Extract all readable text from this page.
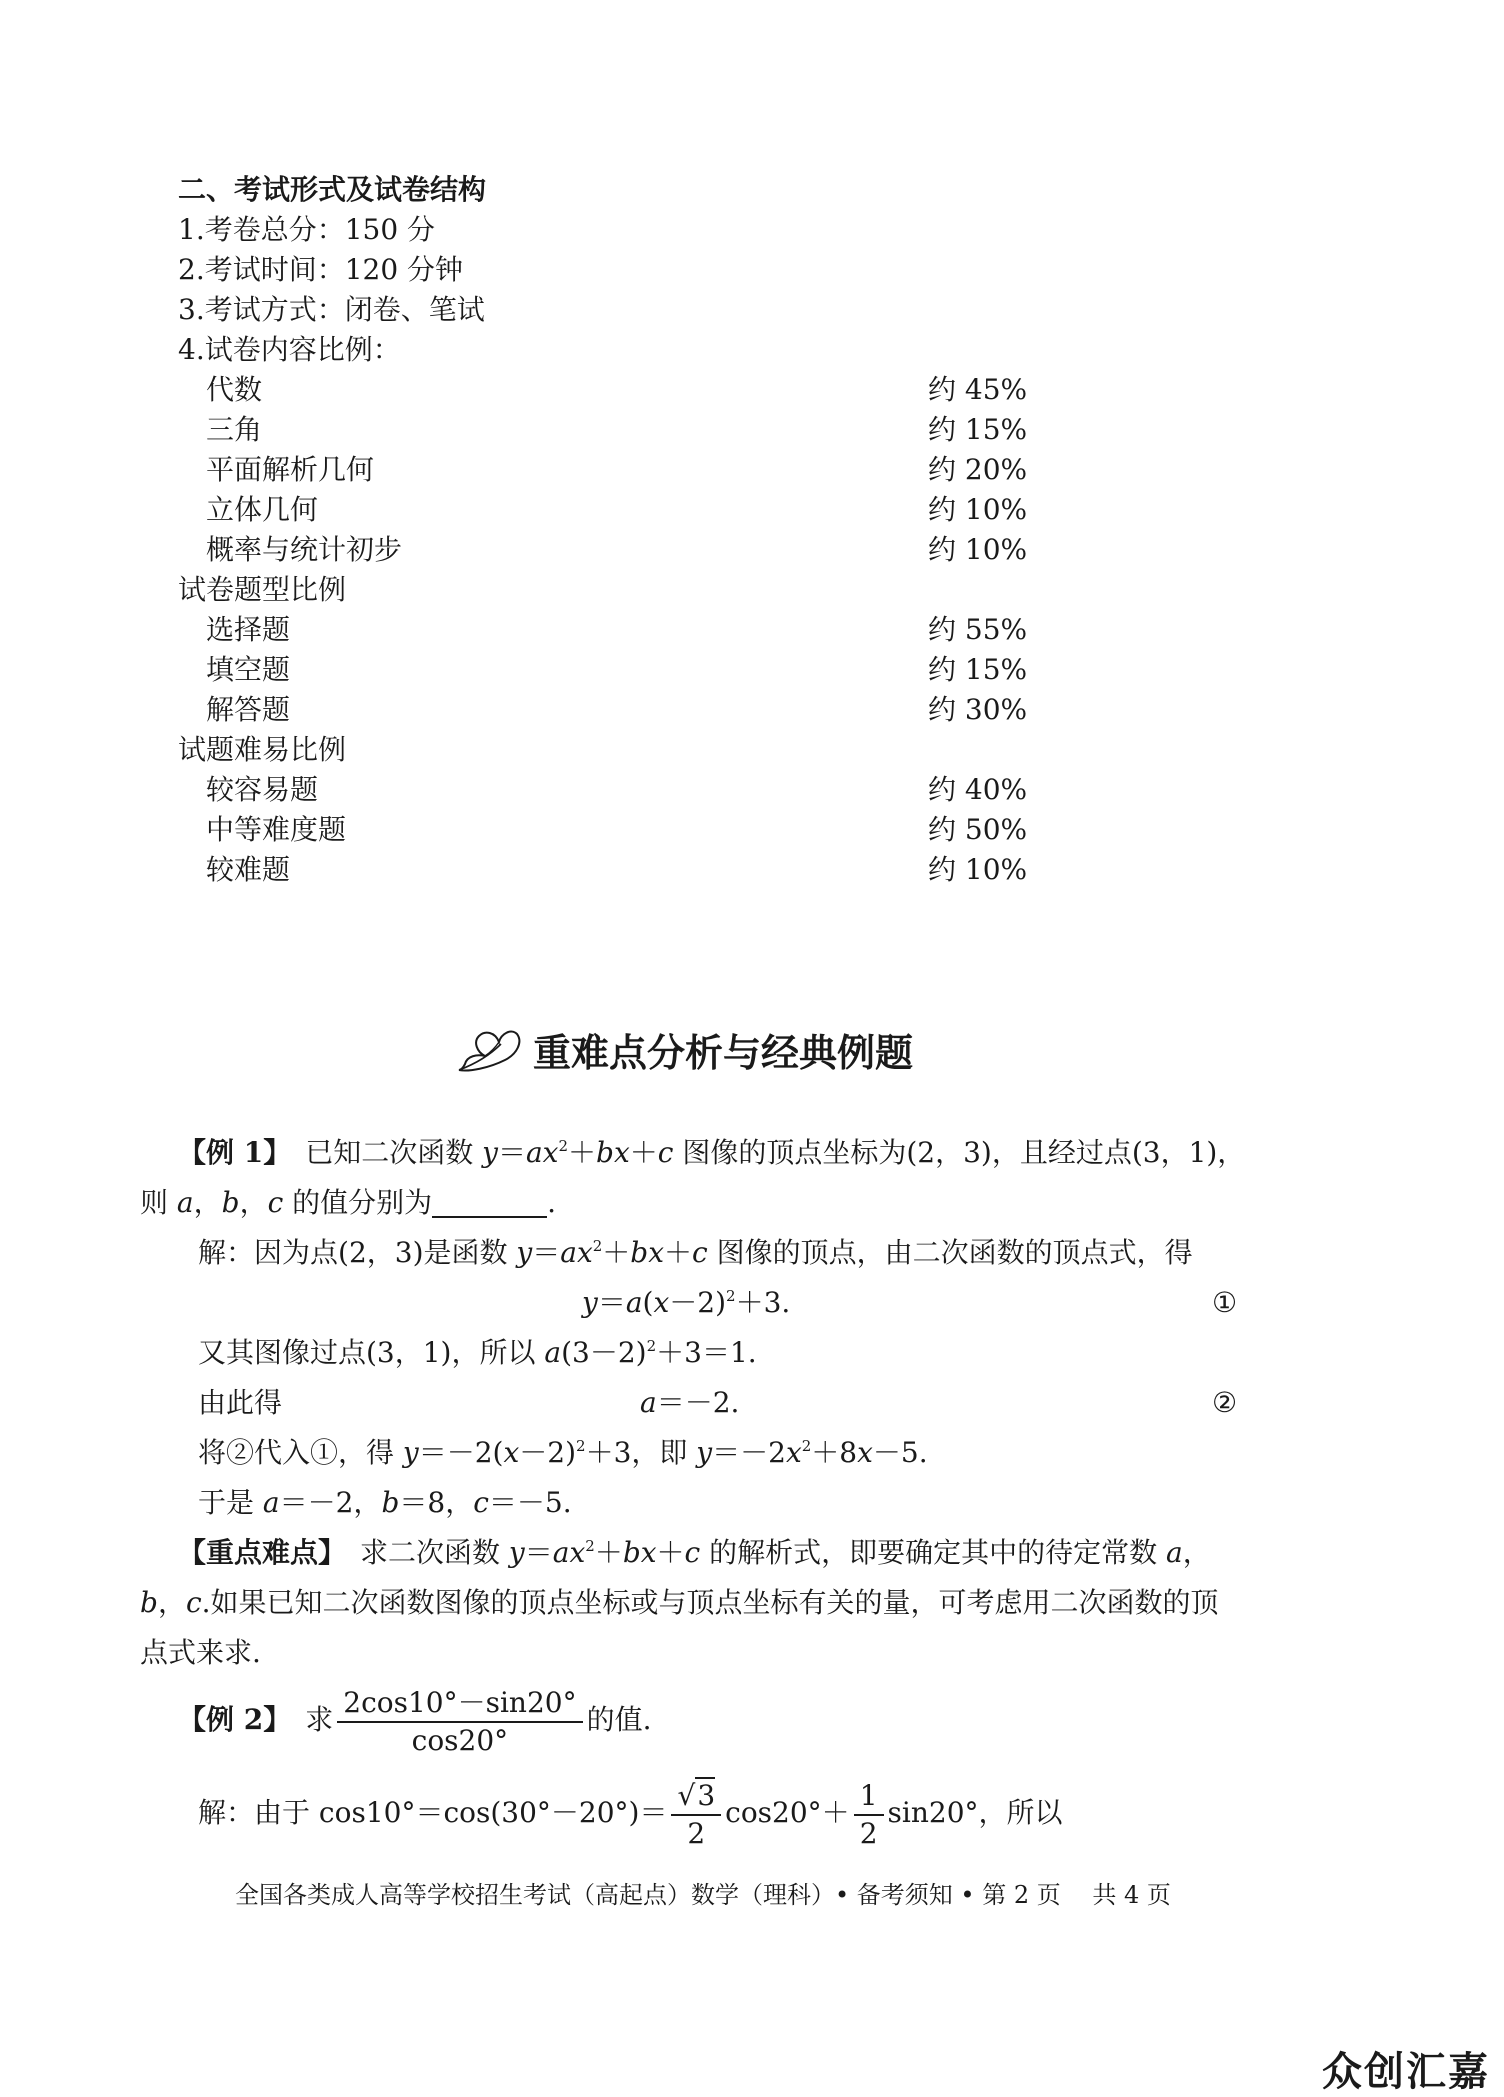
二、考试形式及试卷结构
1.考卷总分：150 分
2.考试时间：120 分钟
3.考试方式：闭卷、笔试
4.试卷内容比例：
代数	约 45%
三角	约 15%
平面解析几何	约 20%
立体几何	约 10%
概率与统计初步	约 10%
试卷题型比例
选择题	约 55%
填空题	约 15%
解答题	约 30%
试题难易比例
较容易题	约 40%
中等难度题	约 50%
较难题	约 10%
重难点分析与经典例题
【例 1】　已知二次函数 $y=ax^2+bx+c$ 图像的顶点坐标为(2，3)，且经过点(3，1)，
则 a，b，c 的值分别为	.
解：因为点(2，3)是函数 $y=ax^2+bx+c$ 图像的顶点，由二次函数的顶点式，得
$y=a(x-2)^2+3$.	①
又其图像过点(3，1)，所以 $a(3-2)^2+3=1$.
由此得	a＝－2.	②
将②代入①，得 $y=-2(x-2)^2+3$，即 $y=-2x^2+8x-5$.
于是 a＝－2，b＝8，c＝－5.
【重点难点】　求二次函数 $y=ax^2+bx+c$ 的解析式，即要确定其中的待定常数 a，
b，c.如果已知二次函数图像的顶点坐标或与顶点坐标有关的量，可考虑用二次函数的顶
点式来求.
【例 2】　求 $\frac{2\cos 10^\circ-\sin 20^\circ}{\cos 20^\circ}$ 的值.
解：由于 $\cos 10^\circ=\cos(30^\circ-20^\circ)= \frac{√3}{2} \cos 20^\circ+ \frac{1}{2} \sin 20^\circ$，所以
全国各类成人高等学校招生考试（高起点）数学（理科）• 备考须知 • 第 2 页　 共 4 页
众创汇嘉
